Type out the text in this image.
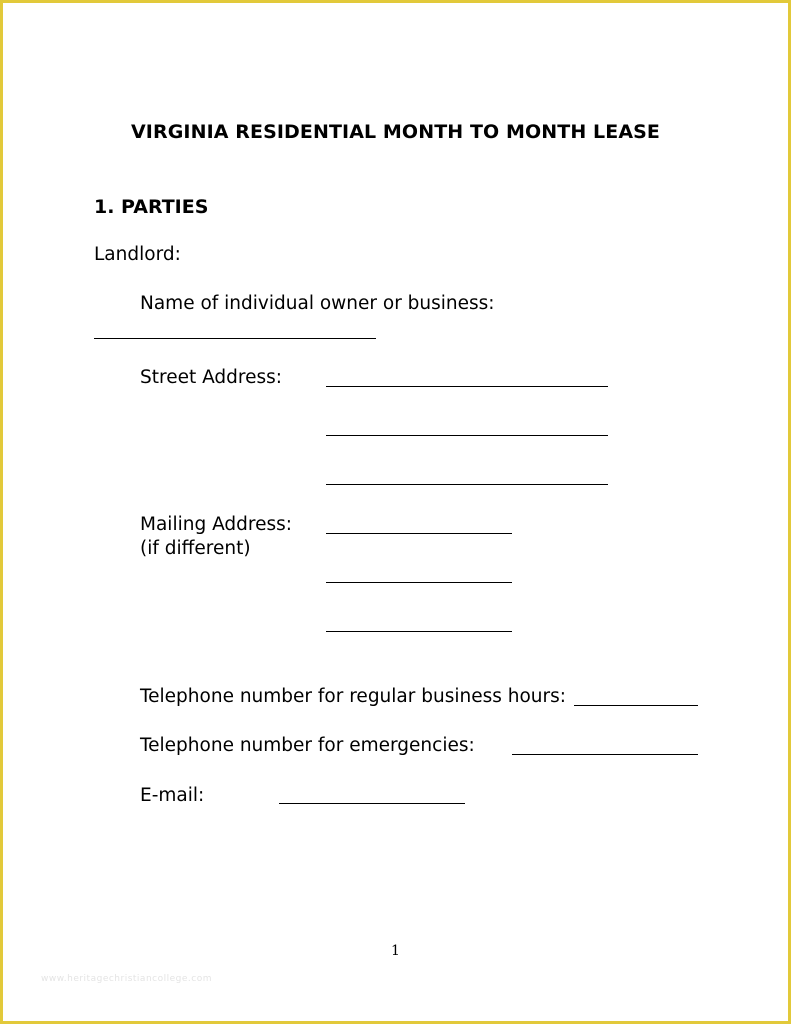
VIRGINIA RESIDENTIAL MONTH TO MONTH LEASE
1. PARTIES
Landlord:
Name of individual owner or business:
Street Address:
Mailing Address:
(if different)
Telephone number for regular business hours:
Telephone number for emergencies:
E-mail:
1
www.heritagechristiancollege.com
